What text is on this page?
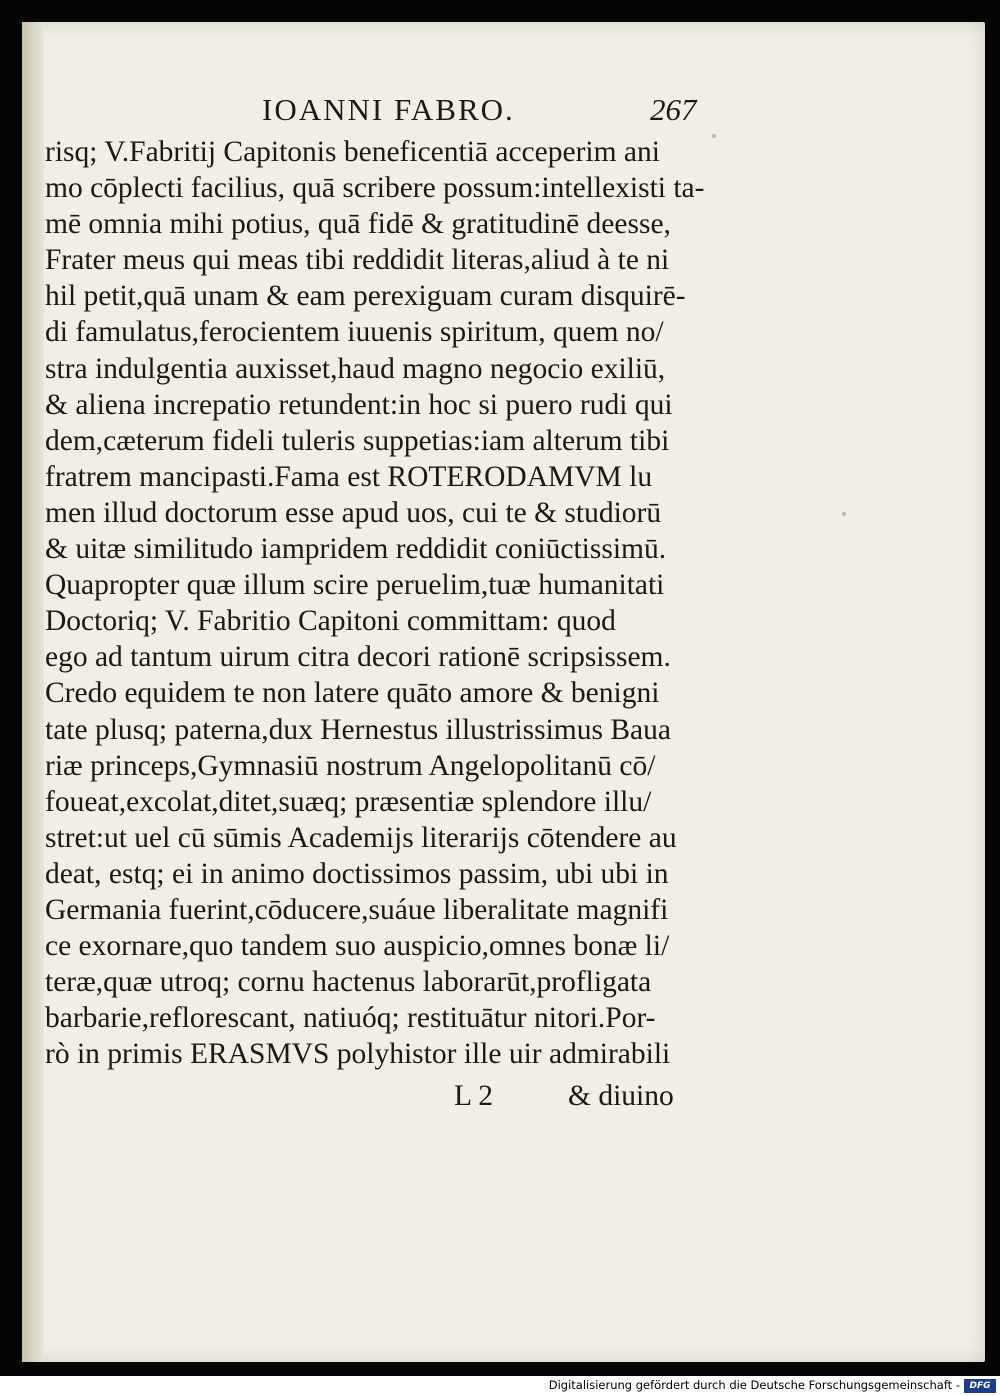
IOANNI FABRO.	267
risq; V.Fabritij Capitonis beneficentiā acceperim ani
mo cōplecti facilius, quā scribere possum:intellexisti ta-
mē omnia mihi potius, quā fidē & gratitudinē deesse,
Frater meus qui meas tibi reddidit literas,aliud à te ni
hil petit,quā unam & eam perexiguam curam disquirē-
di famulatus,ferocientem iuuenis spiritum, quem no/
stra indulgentia auxisset,haud magno negocio exiliū,
& aliena increpatio retundent:in hoc si puero rudi qui
dem,cæterum fideli tuleris suppetias:iam alterum tibi
fratrem mancipasti.Fama est ROTERODAMVM lu
men illud doctorum esse apud uos, cui te & studiorū
& uitæ similitudo iampridem reddidit coniūctissimū.
Quapropter quæ illum scire peruelim,tuæ humanitati
Doctoriq; V. Fabritio Capitoni committam: quod
ego ad tantum uirum citra decori rationē scripsissem.
Credo equidem te non latere quāto amore & benigni
tate plusq; paterna,dux Hernestus illustrissimus Baua
riæ princeps,Gymnasiū nostrum Angelopolitanū cō/
foueat,excolat,ditet,suæq; præsentiæ splendore illu/
stret:ut uel cū sūmis Academijs literarijs cōtendere au
deat, estq; ei in animo doctissimos passim, ubi ubi in
Germania fuerint,cōducere,suáue liberalitate magnifi
ce exornare,quo tandem suo auspicio,omnes bonæ li/
teræ,quæ utroq; cornu hactenus laborarūt,profligata
barbarie,reflorescant, natiuóq; restituātur nitori.Por-
rò in primis ERASMVS polyhistor ille uir admirabili
L 2	& diuino
Digitalisierung gefördert durch die Deutsche Forschungsgemeinschaft -	DFG
